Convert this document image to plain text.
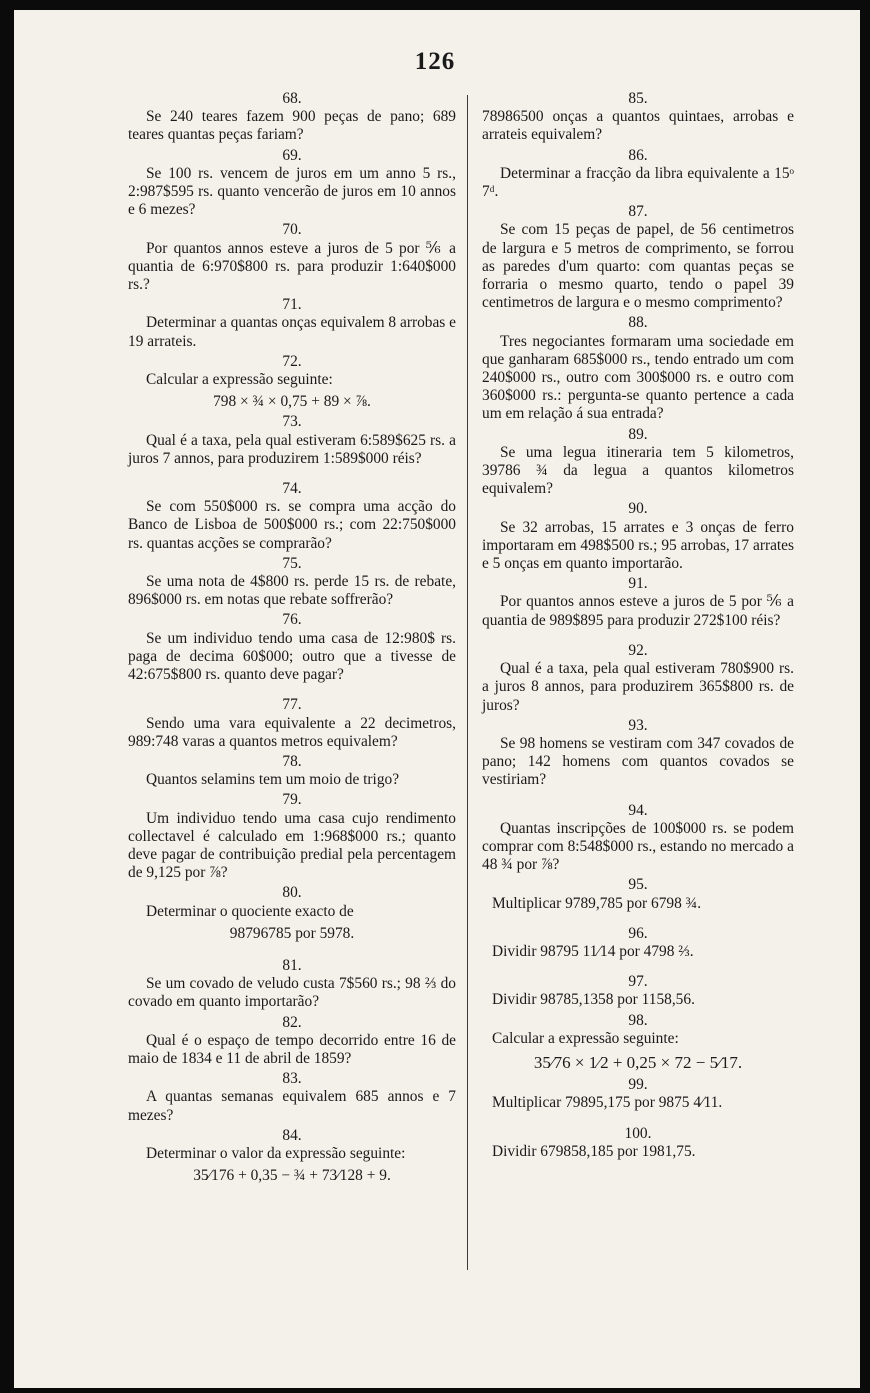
126
68.
Se 240 teares fazem 900 peças de pano; 689 teares quantas peças fariam?
69.
Se 100 rs. vencem de juros em um anno 5 rs., 2:987$595 rs. quanto vencerão de juros em 10 annos e 6 mezes?
70.
Por quantos annos esteve a juros de 5 por ⅚ a quantia de 6:970$800 rs. para produzir 1:640$000 rs.?
71.
Determinar a quantas onças equivalem 8 arrobas e 19 arrateis.
72.
Calcular a expressão seguinte:
798 × ¾ × 0,75 + 89 × ⅞.
73.
Qual é a taxa, pela qual estiveram 6:589$625 rs. a juros 7 annos, para produzirem 1:589$000 réis?
74.
Se com 550$000 rs. se compra uma acção do Banco de Lisboa de 500$000 rs.; com 22:750$000 rs. quantas acções se comprarão?
75.
Se uma nota de 4$800 rs. perde 15 rs. de rebate, 896$000 rs. em notas que rebate soffrerão?
76.
Se um individuo tendo uma casa de 12:980$ rs. paga de decima 60$000; outro que a tivesse de 42:675$800 rs. quanto deve pagar?
77.
Sendo uma vara equivalente a 22 decimetros, 989:748 varas a quantos metros equivalem?
78.
Quantos selamins tem um moio de trigo?
79.
Um individuo tendo uma casa cujo rendimento collectavel é calculado em 1:968$000 rs.; quanto deve pagar de contribuição predial pela percentagem de 9,125 por ⅞?
80.
Determinar o quociente exacto de
98796785 por 5978.
81.
Se um covado de veludo custa 7$560 rs.; 98 ⅔ do covado em quanto importarão?
82.
Qual é o espaço de tempo decorrido entre 16 de maio de 1834 e 11 de abril de 1859?
83.
A quantas semanas equivalem 685 annos e 7 mezes?
84.
Determinar o valor da expressão seguinte:
35⁄176 + 0,35 − ¾ + 73⁄128 + 9.
85.
78986500 onças a quantos quintaes, arrobas e arrateis equivalem?
86.
Determinar a fracção da libra equivalente a 15ᵒ 7ᵈ.
87.
Se com 15 peças de papel, de 56 centimetros de largura e 5 metros de comprimento, se forrou as paredes d'um quarto: com quantas peças se forraria o mesmo quarto, tendo o papel 39 centimetros de largura e o mesmo comprimento?
88.
Tres negociantes formaram uma sociedade em que ganharam 685$000 rs., tendo entrado um com 240$000 rs., outro com 300$000 rs. e outro com 360$000 rs.: pergunta-se quanto pertence a cada um em relação á sua entrada?
89.
Se uma legua itineraria tem 5 kilometros, 39786 ¾ da legua a quantos kilometros equivalem?
90.
Se 32 arrobas, 15 arrates e 3 onças de ferro importaram em 498$500 rs.; 95 arrobas, 17 arrates e 5 onças em quanto importarão.
91.
Por quantos annos esteve a juros de 5 por ⅚ a quantia de 989$895 para produzir 272$100 réis?
92.
Qual é a taxa, pela qual estiveram 780$900 rs. a juros 8 annos, para produzirem 365$800 rs. de juros?
93.
Se 98 homens se vestiram com 347 covados de pano; 142 homens com quantos covados se vestiriam?
94.
Quantas inscripções de 100$000 rs. se podem comprar com 8:548$000 rs., estando no mercado a 48 ¾ por ⅞?
95.
Multiplicar 9789,785 por 6798 ¾.
96.
Dividir 98795 11⁄14 por 4798 ⅔.
97.
Dividir 98785,1358 por 1158,56.
98.
Calcular a expressão seguinte:
35⁄76 × 1⁄2 + 0,25 × 72 − 5⁄17.
99.
Multiplicar 79895,175 por 9875 4⁄11.
100.
Dividir 679858,185 por 1981,75.
